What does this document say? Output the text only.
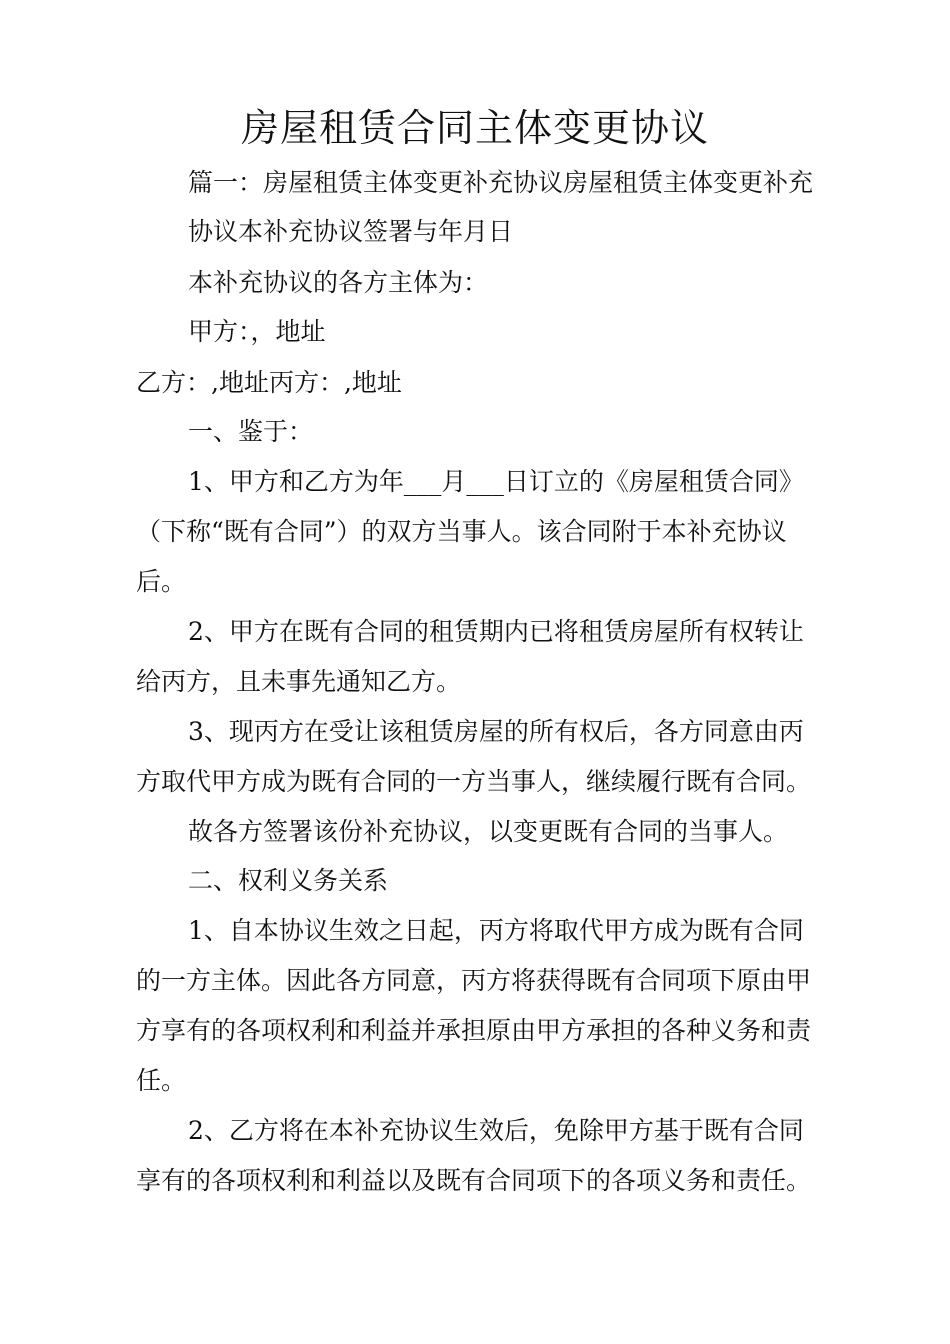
房屋租赁合同主体变更协议

篇一：房屋租赁主体变更补充协议房屋租赁主体变更补充

协议本补充协议签署与年月日

本补充协议的各方主体为：

甲方：，地址

乙方：,地址丙方：,地址

一、鉴于：

1、甲方和乙方为年___月___日订立的《房屋租赁合同》

（下称“既有合同”）的双方当事人。该合同附于本补充协议

后。

2、甲方在既有合同的租赁期内已将租赁房屋所有权转让

给丙方，且未事先通知乙方。

3、现丙方在受让该租赁房屋的所有权后，各方同意由丙

方取代甲方成为既有合同的一方当事人，继续履行既有合同。

故各方签署该份补充协议，以变更既有合同的当事人。

二、权利义务关系

1、自本协议生效之日起，丙方将取代甲方成为既有合同

的一方主体。因此各方同意，丙方将获得既有合同项下原由甲

方享有的各项权利和利益并承担原由甲方承担的各种义务和责

任。

2、乙方将在本补充协议生效后，免除甲方基于既有合同

享有的各项权利和利益以及既有合同项下的各项义务和责任。
